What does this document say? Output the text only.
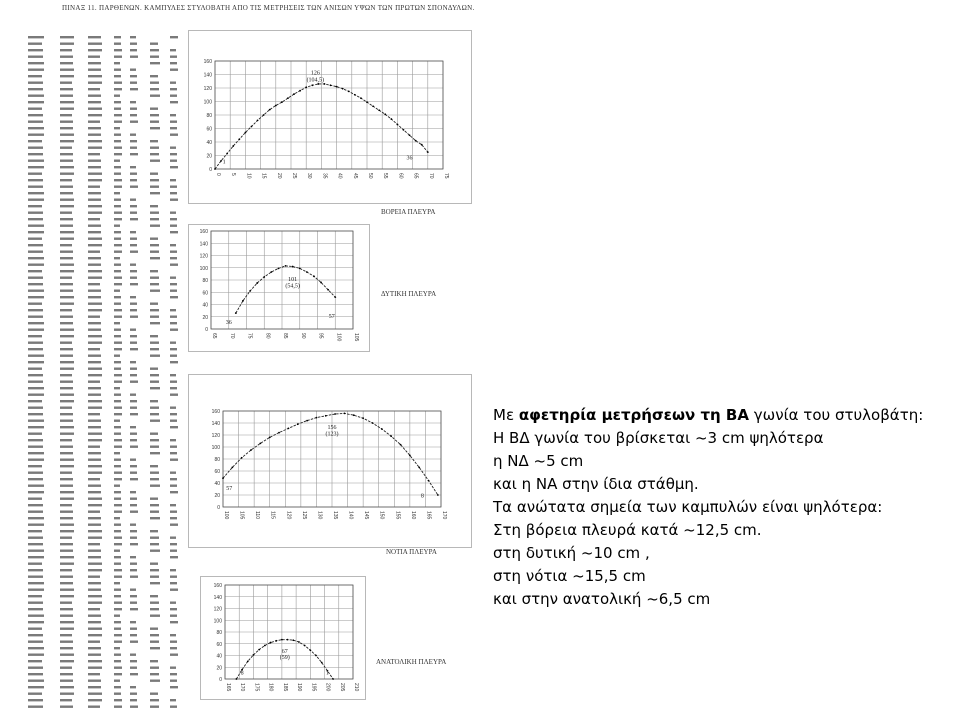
ΠΙΝΑΞ 11. ΠΑΡΘΕΝΩΝ. ΚΑΜΠΥΛΕΣ ΣΤΥΛΟΒΑΤΗ ΑΠΟ ΤΙΣ ΜΕΤΡΗΣΕΙΣ ΤΩΝ ΑΝΙΣΩΝ ΥΨΩΝ ΤΩΝ ΠΡΩΤΩΝ ΣΠΟΝΔΥΛΩΝ.
0
20
40
60
80
100
120
140
160
0 5 10 15 20 25 30 35 40 45 50 55 60 65 70 75
126
(104,5)
1
36
ΒΟΡΕΙΑ ΠΛΕΥΡΑ
0
20
40
60
80
100
120
140
160
65 70 75 80 85 90 95 100 105
101
(54,5)
36
57
ΔΥΤΙΚΗ ΠΛΕΥΡΑ
0
20
40
60
80
100
120
140
160
100 105 110 115 120 125 130 135 140 145 150 155 160 165 170
156
(123)
57
8
ΝΟΤΙΑ ΠΛΕΥΡΑ
0
20
40
60
80
100
120
140
160
165 170 175 180 185 190 195 200 205 210
67
(59)
8	1
ΑΝΑΤΟΛΙΚΗ ΠΛΕΥΡΑ
Με αφετηρία μετρήσεων τη ΒΑ γωνία του στυλοβάτη:
Η ΒΔ γωνία του βρίσκεται ~3 cm ψηλότερα
η ΝΔ ~5 cm
και η ΝΑ στην ίδια στάθμη.
Τα ανώτατα σημεία των καμπυλών είναι ψηλότερα:
Στη βόρεια πλευρά κατά ~12,5 cm.
στη δυτική ~10 cm ,
στη νότια ~15,5 cm
και στην ανατολική ~6,5 cm
